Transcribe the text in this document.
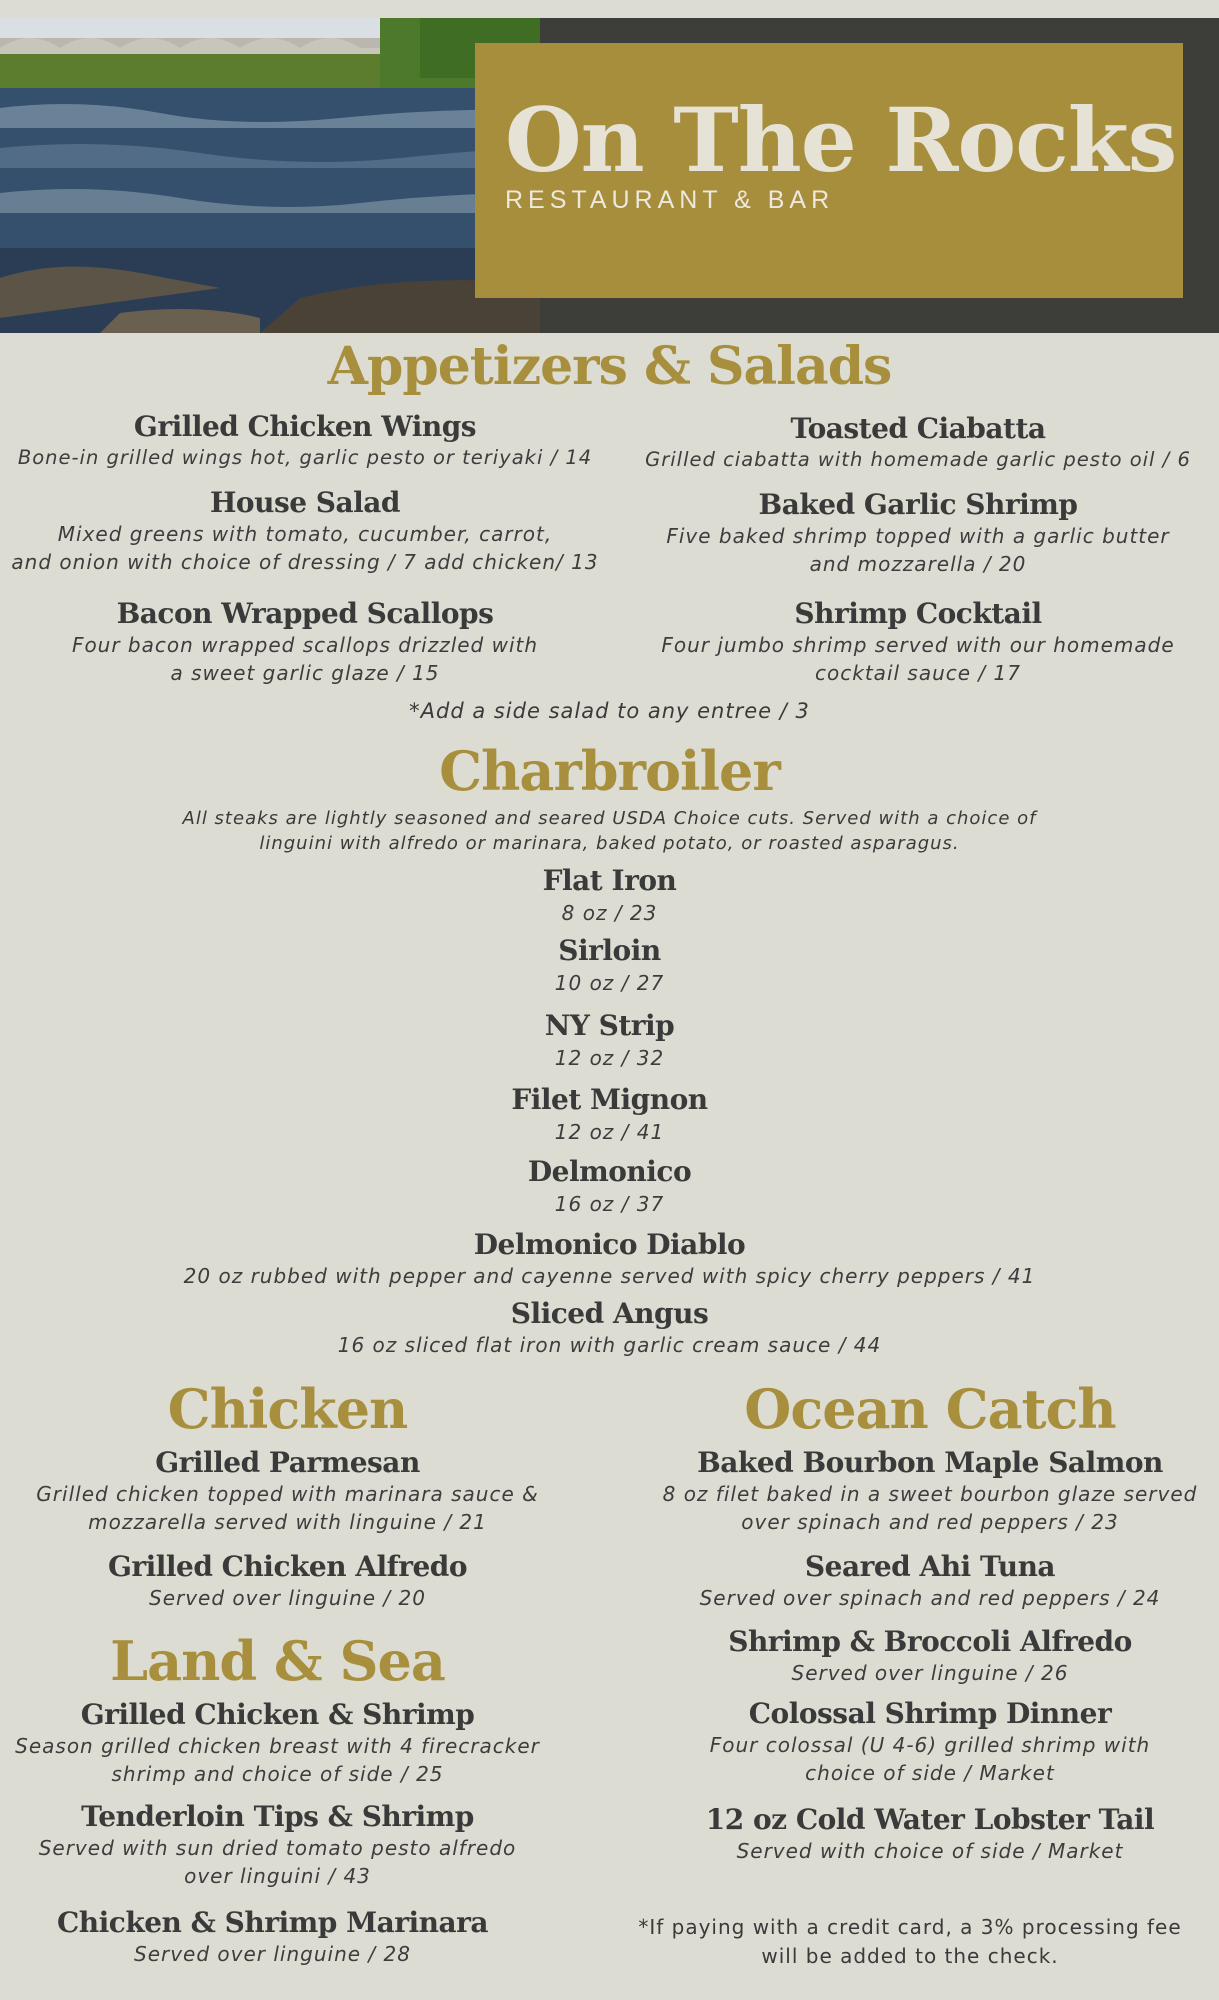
On The Rocks
RESTAURANT & BAR
Appetizers & Salads
Grilled Chicken Wings
Bone-in grilled wings hot, garlic pesto or teriyaki / 14
Toasted Ciabatta
Grilled ciabatta with homemade garlic pesto oil / 6
House Salad
Mixed greens with tomato, cucumber, carrot,
and onion with choice of dressing / 7 add chicken/ 13
Baked Garlic Shrimp
Five baked shrimp topped with a garlic butter
and mozzarella / 20
Bacon Wrapped Scallops
Four bacon wrapped scallops drizzled with
a sweet garlic glaze / 15
Shrimp Cocktail
Four jumbo shrimp served with our homemade
cocktail sauce / 17
*Add a side salad to any entree / 3
Charbroiler
All steaks are lightly seasoned and seared USDA Choice cuts. Served with a choice of
linguini with alfredo or marinara, baked potato, or roasted asparagus.
Flat Iron
8 oz / 23
Sirloin
10 oz / 27
NY Strip
12 oz / 32
Filet Mignon
12 oz / 41
Delmonico
16 oz / 37
Delmonico Diablo
20 oz rubbed with pepper and cayenne served with spicy cherry peppers / 41
Sliced Angus
16 oz sliced flat iron with garlic cream sauce / 44
Chicken
Grilled Parmesan
Grilled chicken topped with marinara sauce &
mozzarella served with linguine / 21
Grilled Chicken Alfredo
Served over linguine / 20
Land & Sea
Grilled Chicken & Shrimp
Season grilled chicken breast with 4 firecracker
shrimp and choice of side / 25
Tenderloin Tips & Shrimp
Served with sun dried tomato pesto alfredo
over linguini / 43
Chicken & Shrimp Marinara
Served over linguine / 28
Ocean Catch
Baked Bourbon Maple Salmon
8 oz filet baked in a sweet bourbon glaze served
over spinach and red peppers / 23
Seared Ahi Tuna
Served over spinach and red peppers / 24
Shrimp & Broccoli Alfredo
Served over linguine / 26
Colossal Shrimp Dinner
Four colossal (U 4-6) grilled shrimp with
choice of side / Market
12 oz Cold Water Lobster Tail
Served with choice of side / Market
*If paying with a credit card, a 3% processing fee
will be added to the check.
